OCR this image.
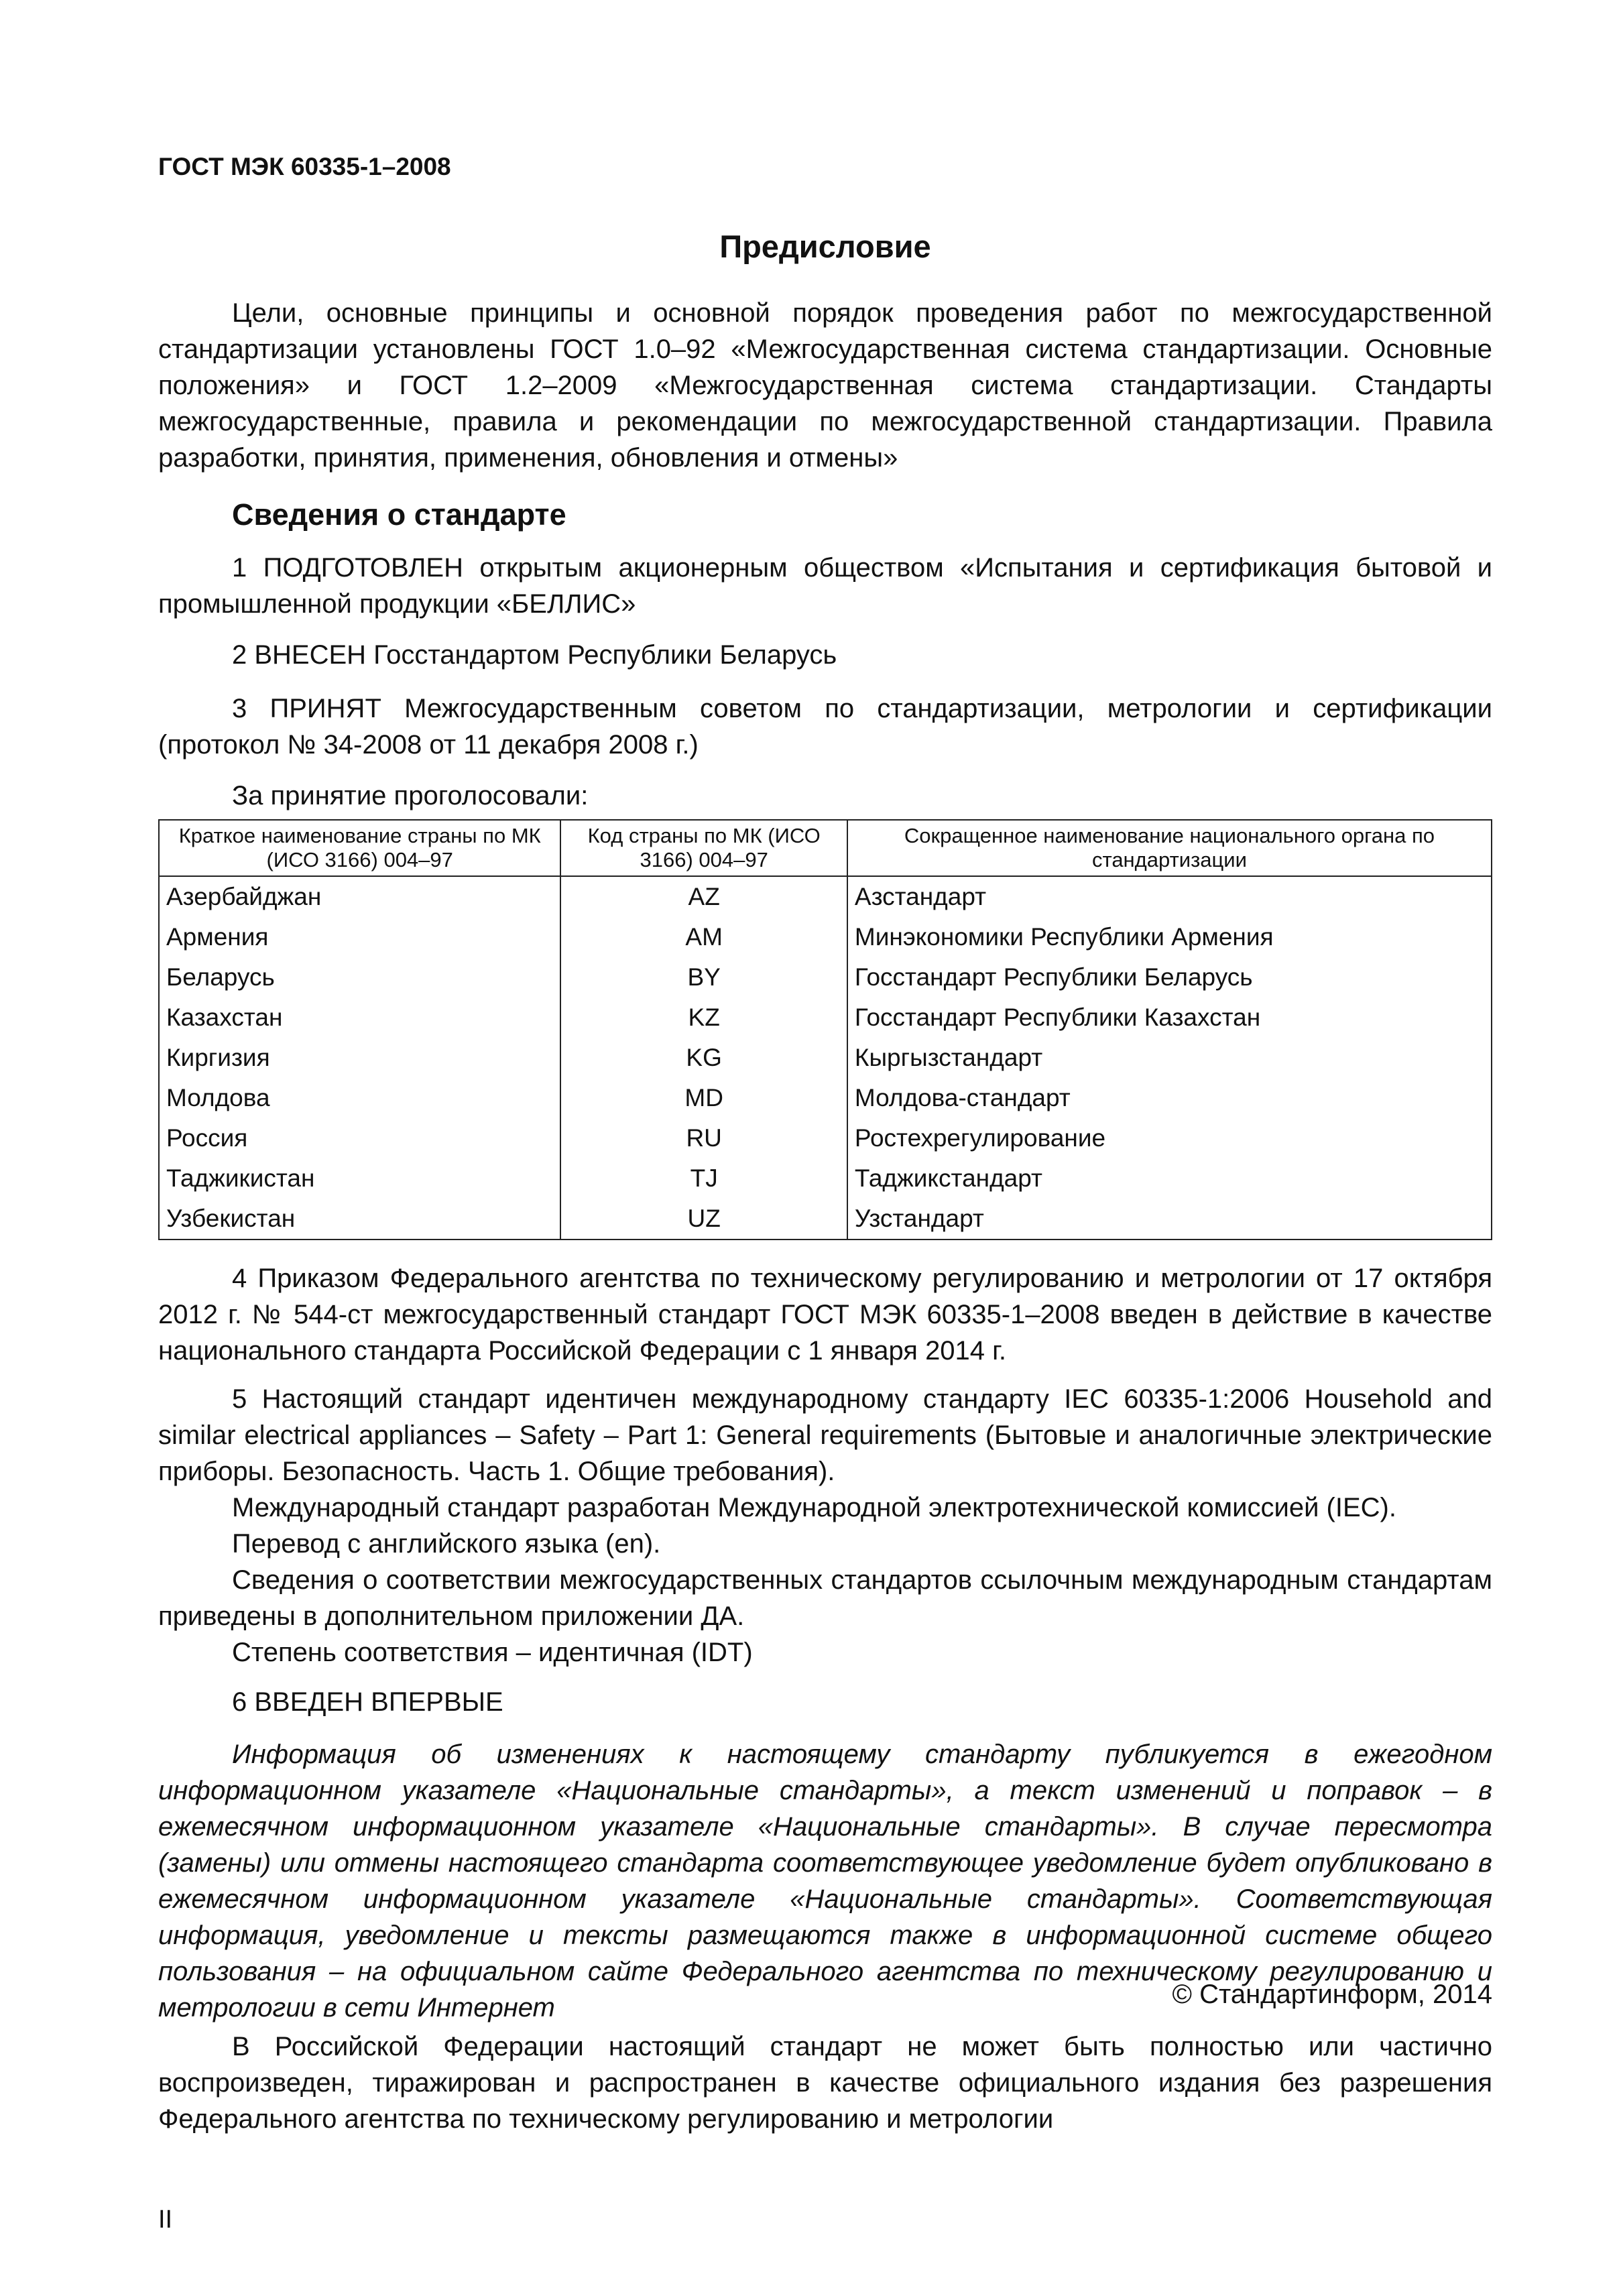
ГОСТ МЭК 60335-1–2008
Предисловие

Цели, основные принципы и основной порядок проведения работ по межгосударственной стандартизации установлены ГОСТ 1.0–92 «Межгосударственная система стандартизации. Основные положения» и ГОСТ 1.2–2009 «Межгосударственная система стандартизации. Стандарты межгосударственные, правила и рекомендации по межгосударственной стандартизации. Правила разработки, принятия, применения, обновления и отмены»

Сведения о стандарте

1 ПОДГОТОВЛЕН открытым акционерным обществом «Испытания и сертификация бытовой и промышленной продукции «БЕЛЛИС»

2 ВНЕСЕН Госстандартом Республики Беларусь

3 ПРИНЯТ Межгосударственным советом по стандартизации, метрологии и сертификации (протокол № 34-2008 от 11 декабря 2008 г.)

За принятие проголосовали:

Краткое наименование страны по МК (ИСО 3166) 004–97	Код страны по МК (ИСО 3166) 004–97	Сокращенное наименование национального органа по стандартизации
Азербайджан	AZ	Азстандарт
Армения	AM	Минэкономики Республики Армения
Беларусь	BY	Госстандарт Республики Беларусь
Казахстан	KZ	Госстандарт Республики Казахстан
Киргизия	KG	Кыргызстандарт
Молдова	MD	Молдова-стандарт
Россия	RU	Ростехрегулирование
Таджикистан	TJ	Таджикстандарт
Узбекистан	UZ	Узстандарт

4 Приказом Федерального агентства по техническому регулированию и метрологии от 17 октября 2012 г. № 544-ст межгосударственный стандарт ГОСТ МЭК 60335-1–2008 введен в действие в качестве национального стандарта Российской Федерации с 1 января 2014 г.

5 Настоящий стандарт идентичен международному стандарту IEC 60335-1:2006 Household and similar electrical appliances – Safety – Part 1: General requirements (Бытовые и аналогичные электрические приборы. Безопасность. Часть 1. Общие требования).

Международный стандарт разработан Международной электротехнической комиссией (IEC).

Перевод с английского языка (en).

Сведения о соответствии межгосударственных стандартов ссылочным международным стандартам приведены в дополнительном приложении ДА.

Степень соответствия – идентичная (IDT)

6 ВВЕДЕН ВПЕРВЫЕ

Информация об изменениях к настоящему стандарту публикуется в ежегодном информационном указателе «Национальные стандарты», а текст изменений и поправок – в ежемесячном информационном указателе «Национальные стандарты». В случае пересмотра (замены) или отмены настоящего стандарта соответствующее уведомление будет опубликовано в ежемесячном информационном указателе «Национальные стандарты». Соответствующая информация, уведомление и тексты размещаются также в информационной системе общего пользования – на официальном сайте Федерального агентства по техническому регулированию и метрологии в сети Интернет	© Стандартинформ, 2014

В Российской Федерации настоящий стандарт не может быть полностью или частично воспроизведен, тиражирован и распространен в качестве официального издания без разрешения Федерального агентства по техническому регулированию и метрологии

II
